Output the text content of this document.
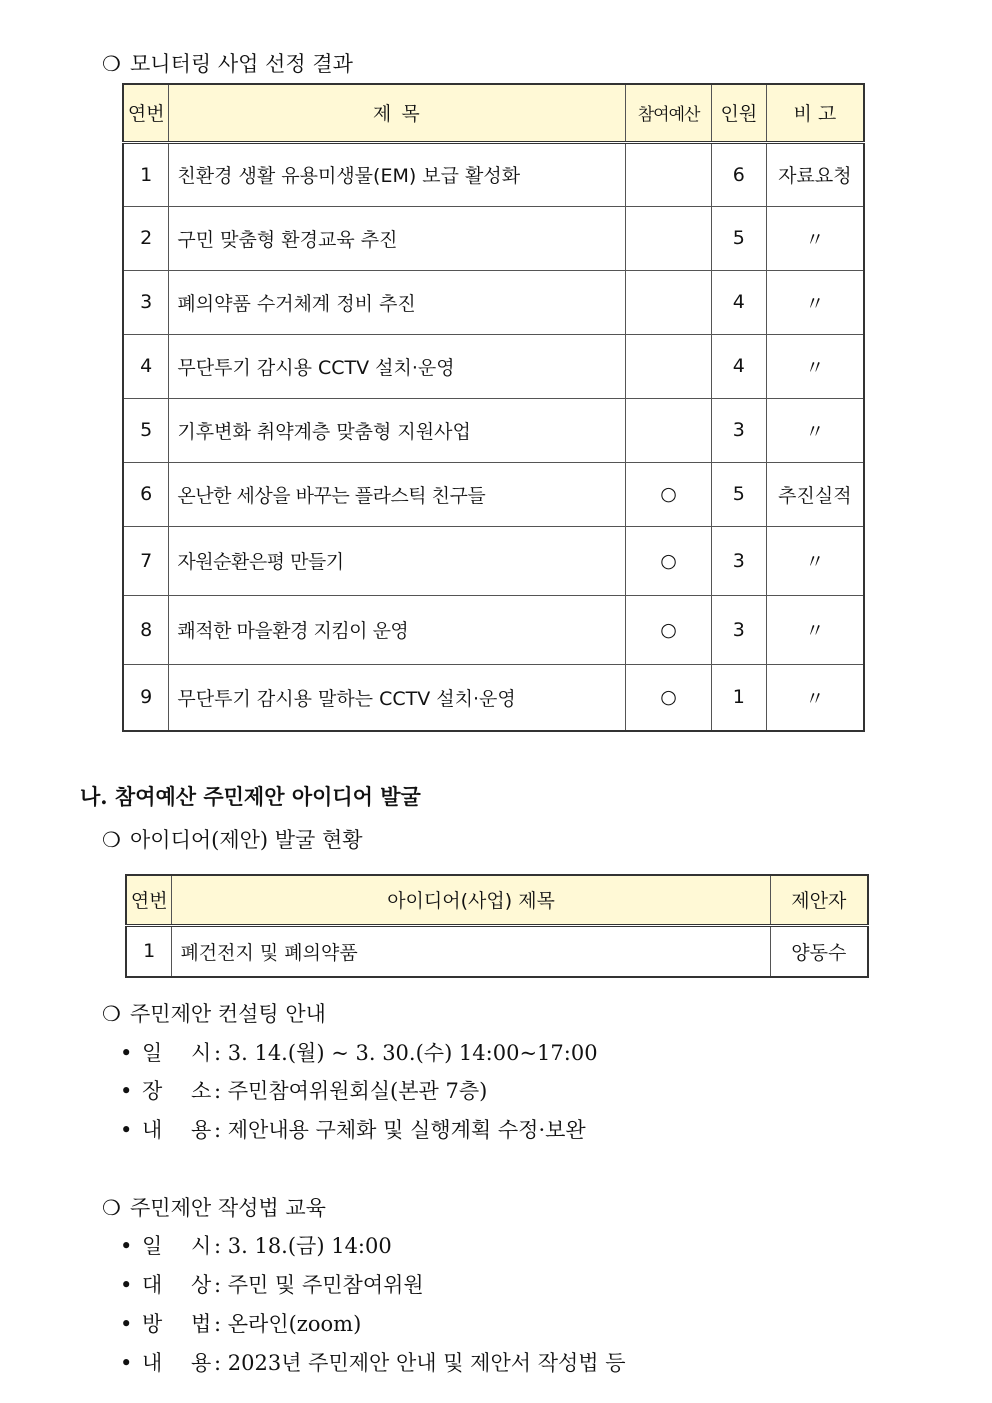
❍ 모니터링 사업 선정 결과
연번	제 목	참여예산	인원	비 고
1	친환경 생활 유용미생물(EM) 보급 활성화		6	자료요청
2	구민 맞춤형 환경교육 추진		5	〃
3	폐의약품 수거체계 정비 추진		4	〃
4	무단투기 감시용 CCTV 설치·운영		4	〃
5	기후변화 취약계층 맞춤형 지원사업		3	〃
6	온난한 세상을 바꾸는 플라스틱 친구들	○	5	추진실적
7	자원순환은평 만들기	○	3	〃
8	쾌적한 마을환경 지킴이 운영	○	3	〃
9	무단투기 감시용 말하는 CCTV 설치·운영	○	1	〃
나. 참여예산 주민제안 아이디어 발굴
❍ 아이디어(제안) 발굴 현황
연번	아이디어(사업) 제목	제안자
1	폐건전지 및 폐의약품	양동수
❍ 주민제안 컨설팅 안내
• 일 시 : 3. 14.(월) ~ 3. 30.(수) 14:00~17:00
• 장 소 : 주민참여위원회실(본관 7층)
• 내 용 : 제안내용 구체화 및 실행계획 수정·보완
❍ 주민제안 작성법 교육
• 일 시 : 3. 18.(금) 14:00
• 대 상 : 주민 및 주민참여위원
• 방 법 : 온라인(zoom)
• 내 용 : 2023년 주민제안 안내 및 제안서 작성법 등
